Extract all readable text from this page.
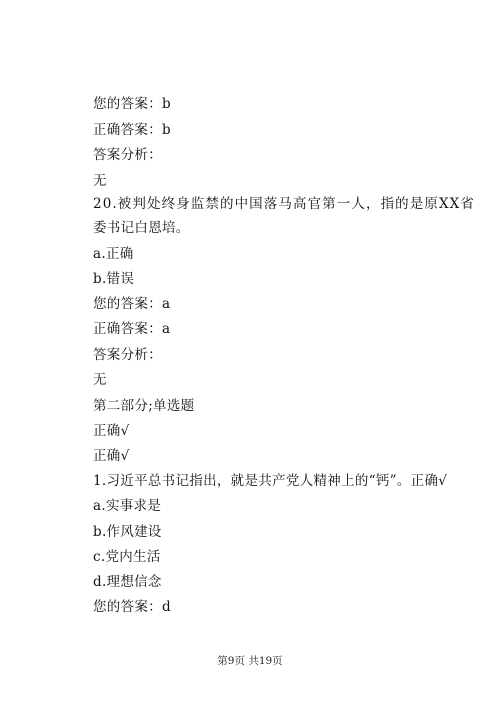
您的答案：b
正确答案：b
答案分析：
无
20.被判处终身监禁的中国落马高官第一人，指的是原XX省
委书记白恩培。
a.正确
b.错误
您的答案：a
正确答案：a
答案分析：
无
第二部分;单选题
正确√
正确√
1.习近平总书记指出，就是共产党人精神上的“钙”。正确√
a.实事求是
b.作风建设
c.党内生活
d.理想信念
您的答案：d
第9页 共19页
